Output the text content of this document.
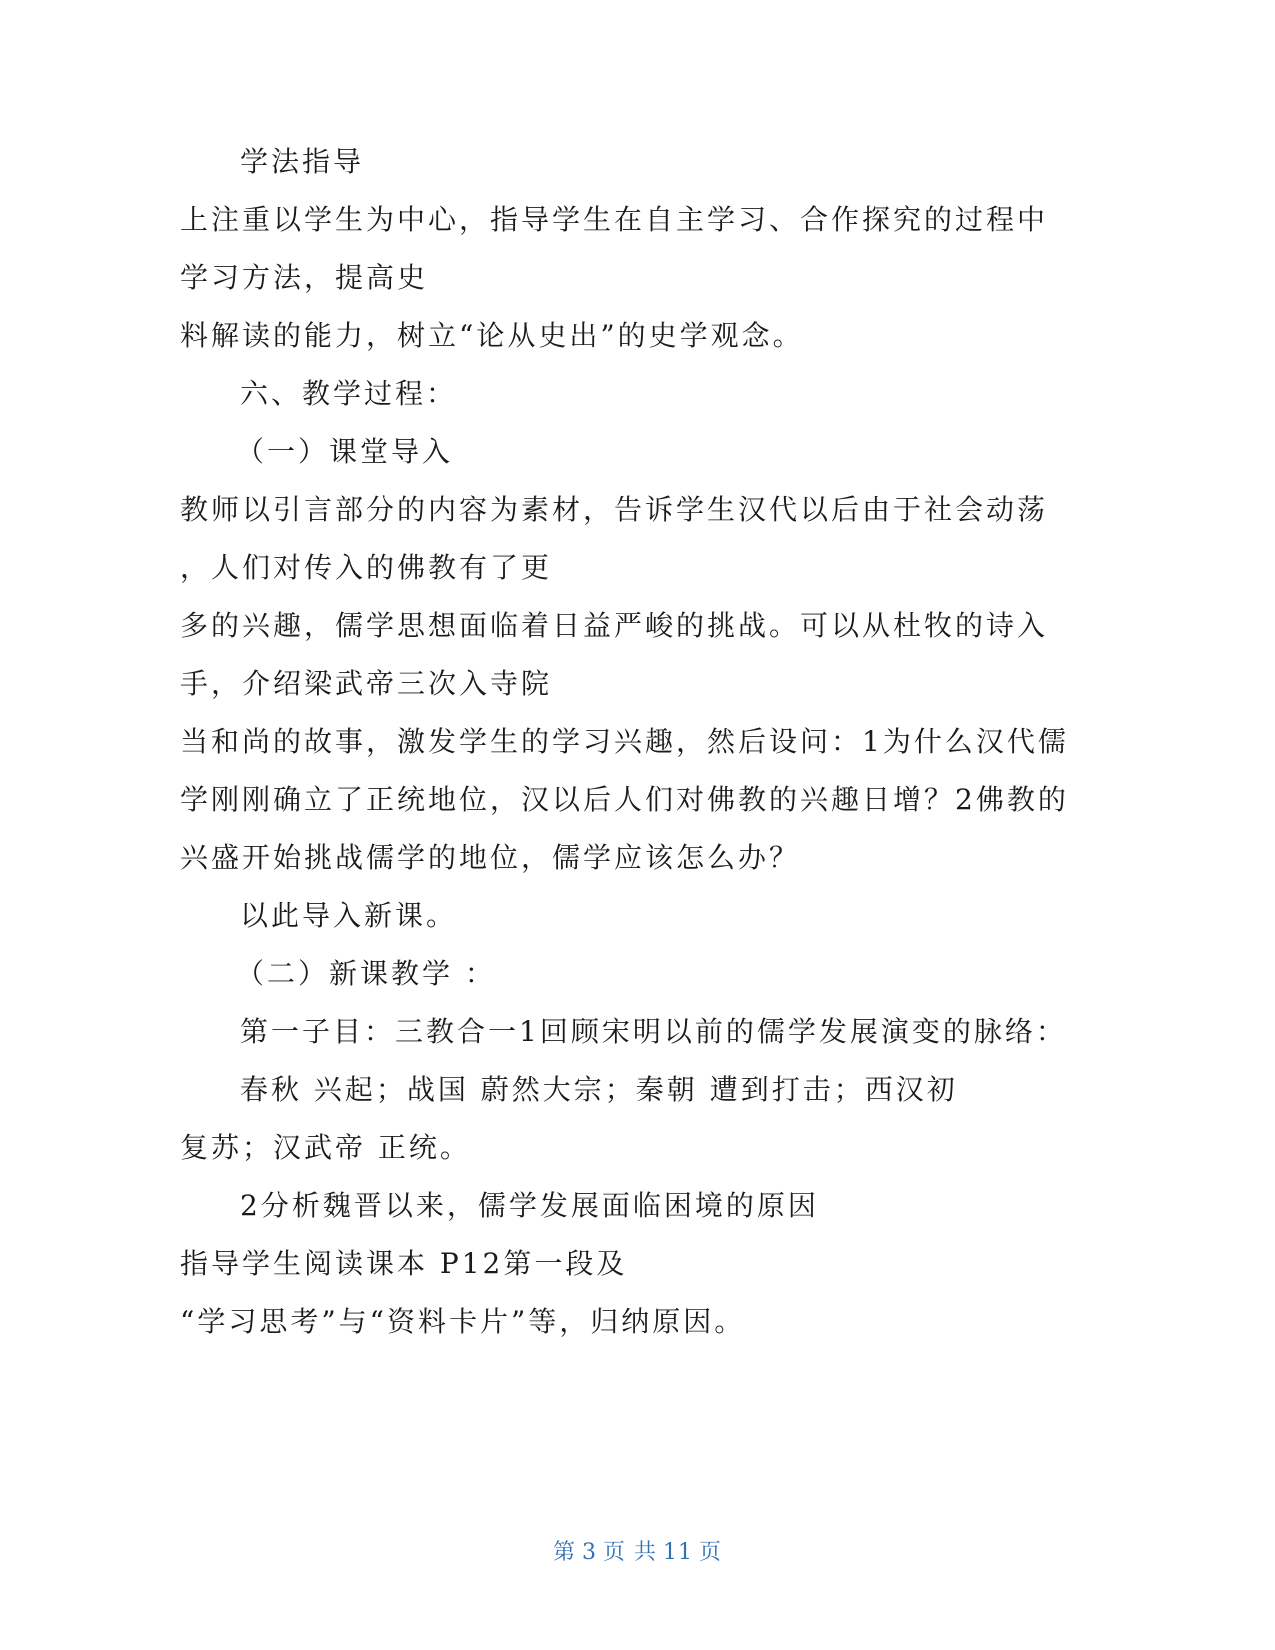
学法指导
上注重以学生为中心，指导学生在自主学习、合作探究的过程中
学习方法，提高史
料解读的能力，树立“论从史出”的史学观念。
六、教学过程：
（一）课堂导入
教师以引言部分的内容为素材，告诉学生汉代以后由于社会动荡
，人们对传入的佛教有了更
多的兴趣，儒学思想面临着日益严峻的挑战。可以从杜牧的诗入
手，介绍梁武帝三次入寺院
当和尚的故事，激发学生的学习兴趣，然后设问：1为什么汉代儒
学刚刚确立了正统地位，汉以后人们对佛教的兴趣日增？2佛教的
兴盛开始挑战儒学的地位，儒学应该怎么办？
以此导入新课。
（二）新课教学 ：
第一子目：三教合一1回顾宋明以前的儒学发展演变的脉络：
春秋 兴起；战国 蔚然大宗；秦朝 遭到打击；西汉初
复苏；汉武帝 正统。
2分析魏晋以来，儒学发展面临困境的原因
指导学生阅读课本 P12第一段及
“学习思考”与“资料卡片”等，归纳原因。
第 3 页 共 11 页
